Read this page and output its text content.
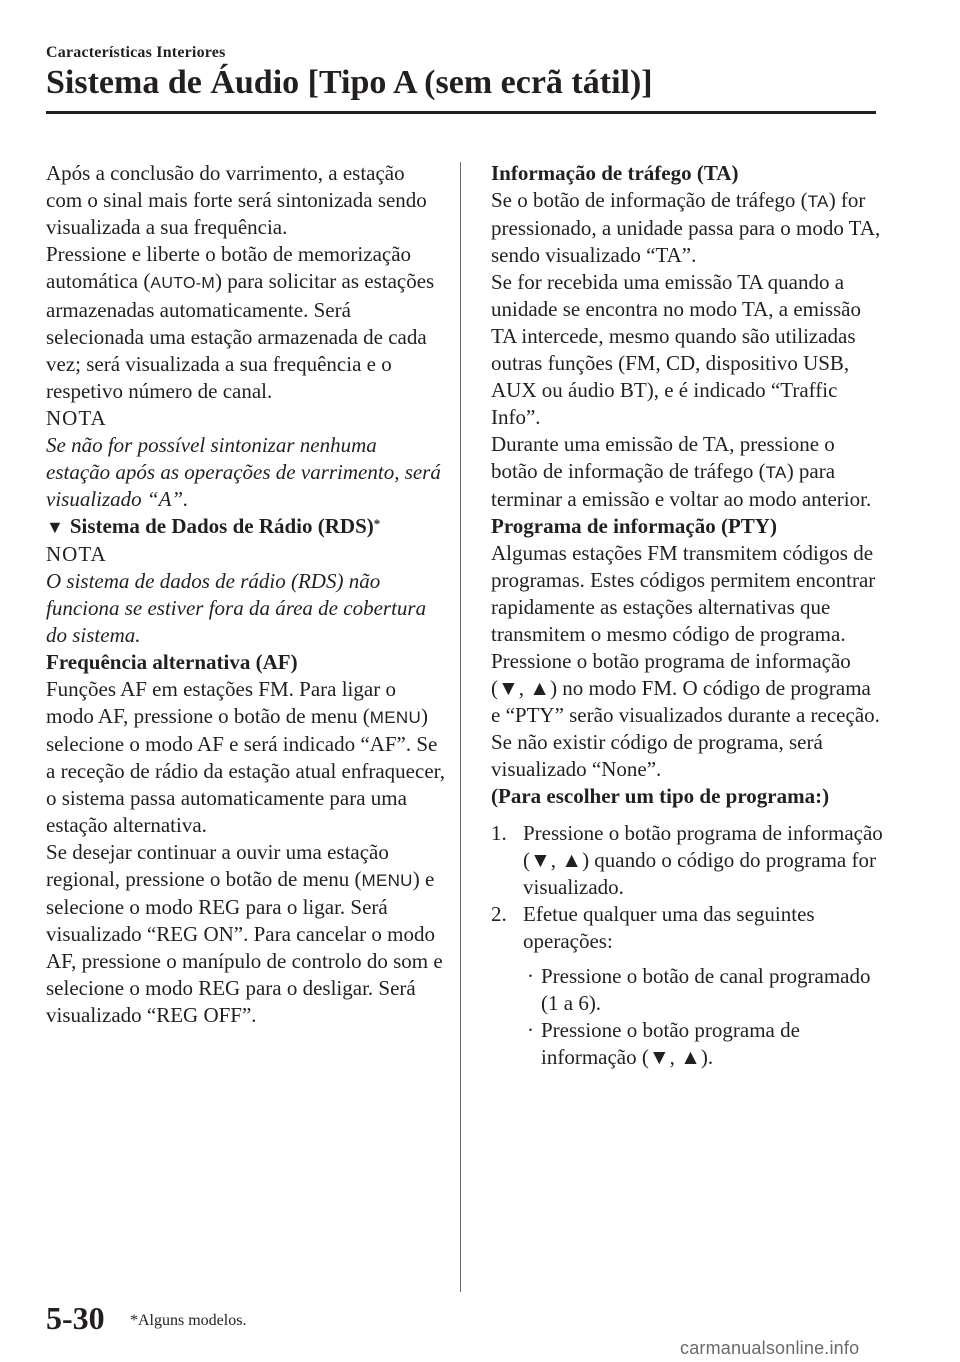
Características Interiores
Sistema de Áudio [Tipo A (sem ecrã tátil)]

Após a conclusão do varrimento, a estação com o sinal mais forte será sintonizada sendo visualizada a sua frequência.
Pressione e liberte o botão de memorização automática (AUTO-M) para solicitar as estações armazenadas automaticamente. Será selecionada uma estação armazenada de cada vez; será visualizada a sua frequência e o respetivo número de canal.

NOTA

Se não for possível sintonizar nenhuma estação após as operações de varrimento, será visualizado “A”.

▼ Sistema de Dados de Rádio (RDS)*

NOTA

O sistema de dados de rádio (RDS) não funciona se estiver fora da área de cobertura do sistema.

Frequência alternativa (AF)

Funções AF em estações FM. Para ligar o modo AF, pressione o botão de menu (MENU) selecione o modo AF e será indicado “AF”. Se a receção de rádio da estação atual enfraquecer, o sistema passa automaticamente para uma estação alternativa.

Se desejar continuar a ouvir uma estação regional, pressione o botão de menu (MENU) e selecione o modo REG para o ligar. Será visualizado “REG ON”. Para cancelar o modo AF, pressione o manípulo de controlo do som e selecione o modo REG para o desligar. Será visualizado “REG OFF”.

Informação de tráfego (TA)

Se o botão de informação de tráfego (TA) for pressionado, a unidade passa para o modo TA, sendo visualizado “TA”.

Se for recebida uma emissão TA quando a unidade se encontra no modo TA, a emissão TA intercede, mesmo quando são utilizadas outras funções (FM, CD, dispositivo USB, AUX ou áudio BT), e é indicado “Traffic Info”.
Durante uma emissão de TA, pressione o botão de informação de tráfego (TA) para terminar a emissão e voltar ao modo anterior.

Programa de informação (PTY)

Algumas estações FM transmitem códigos de programas. Estes códigos permitem encontrar rapidamente as estações alternativas que transmitem o mesmo código de programa.

Pressione o botão programa de informação (▼, ▲) no modo FM. O código de programa e “PTY” serão visualizados durante a receção. Se não existir código de programa, será visualizado “None”.

(Para escolher um tipo de programa:)

1. Pressione o botão programa de informação (▼, ▲) quando o código do programa for visualizado.
2. Efetue qualquer uma das seguintes operações:
· Pressione o botão de canal programado (1 a 6).
· Pressione o botão programa de informação (▼, ▲).
5-30 *Alguns modelos.
carmanualsonline.info
